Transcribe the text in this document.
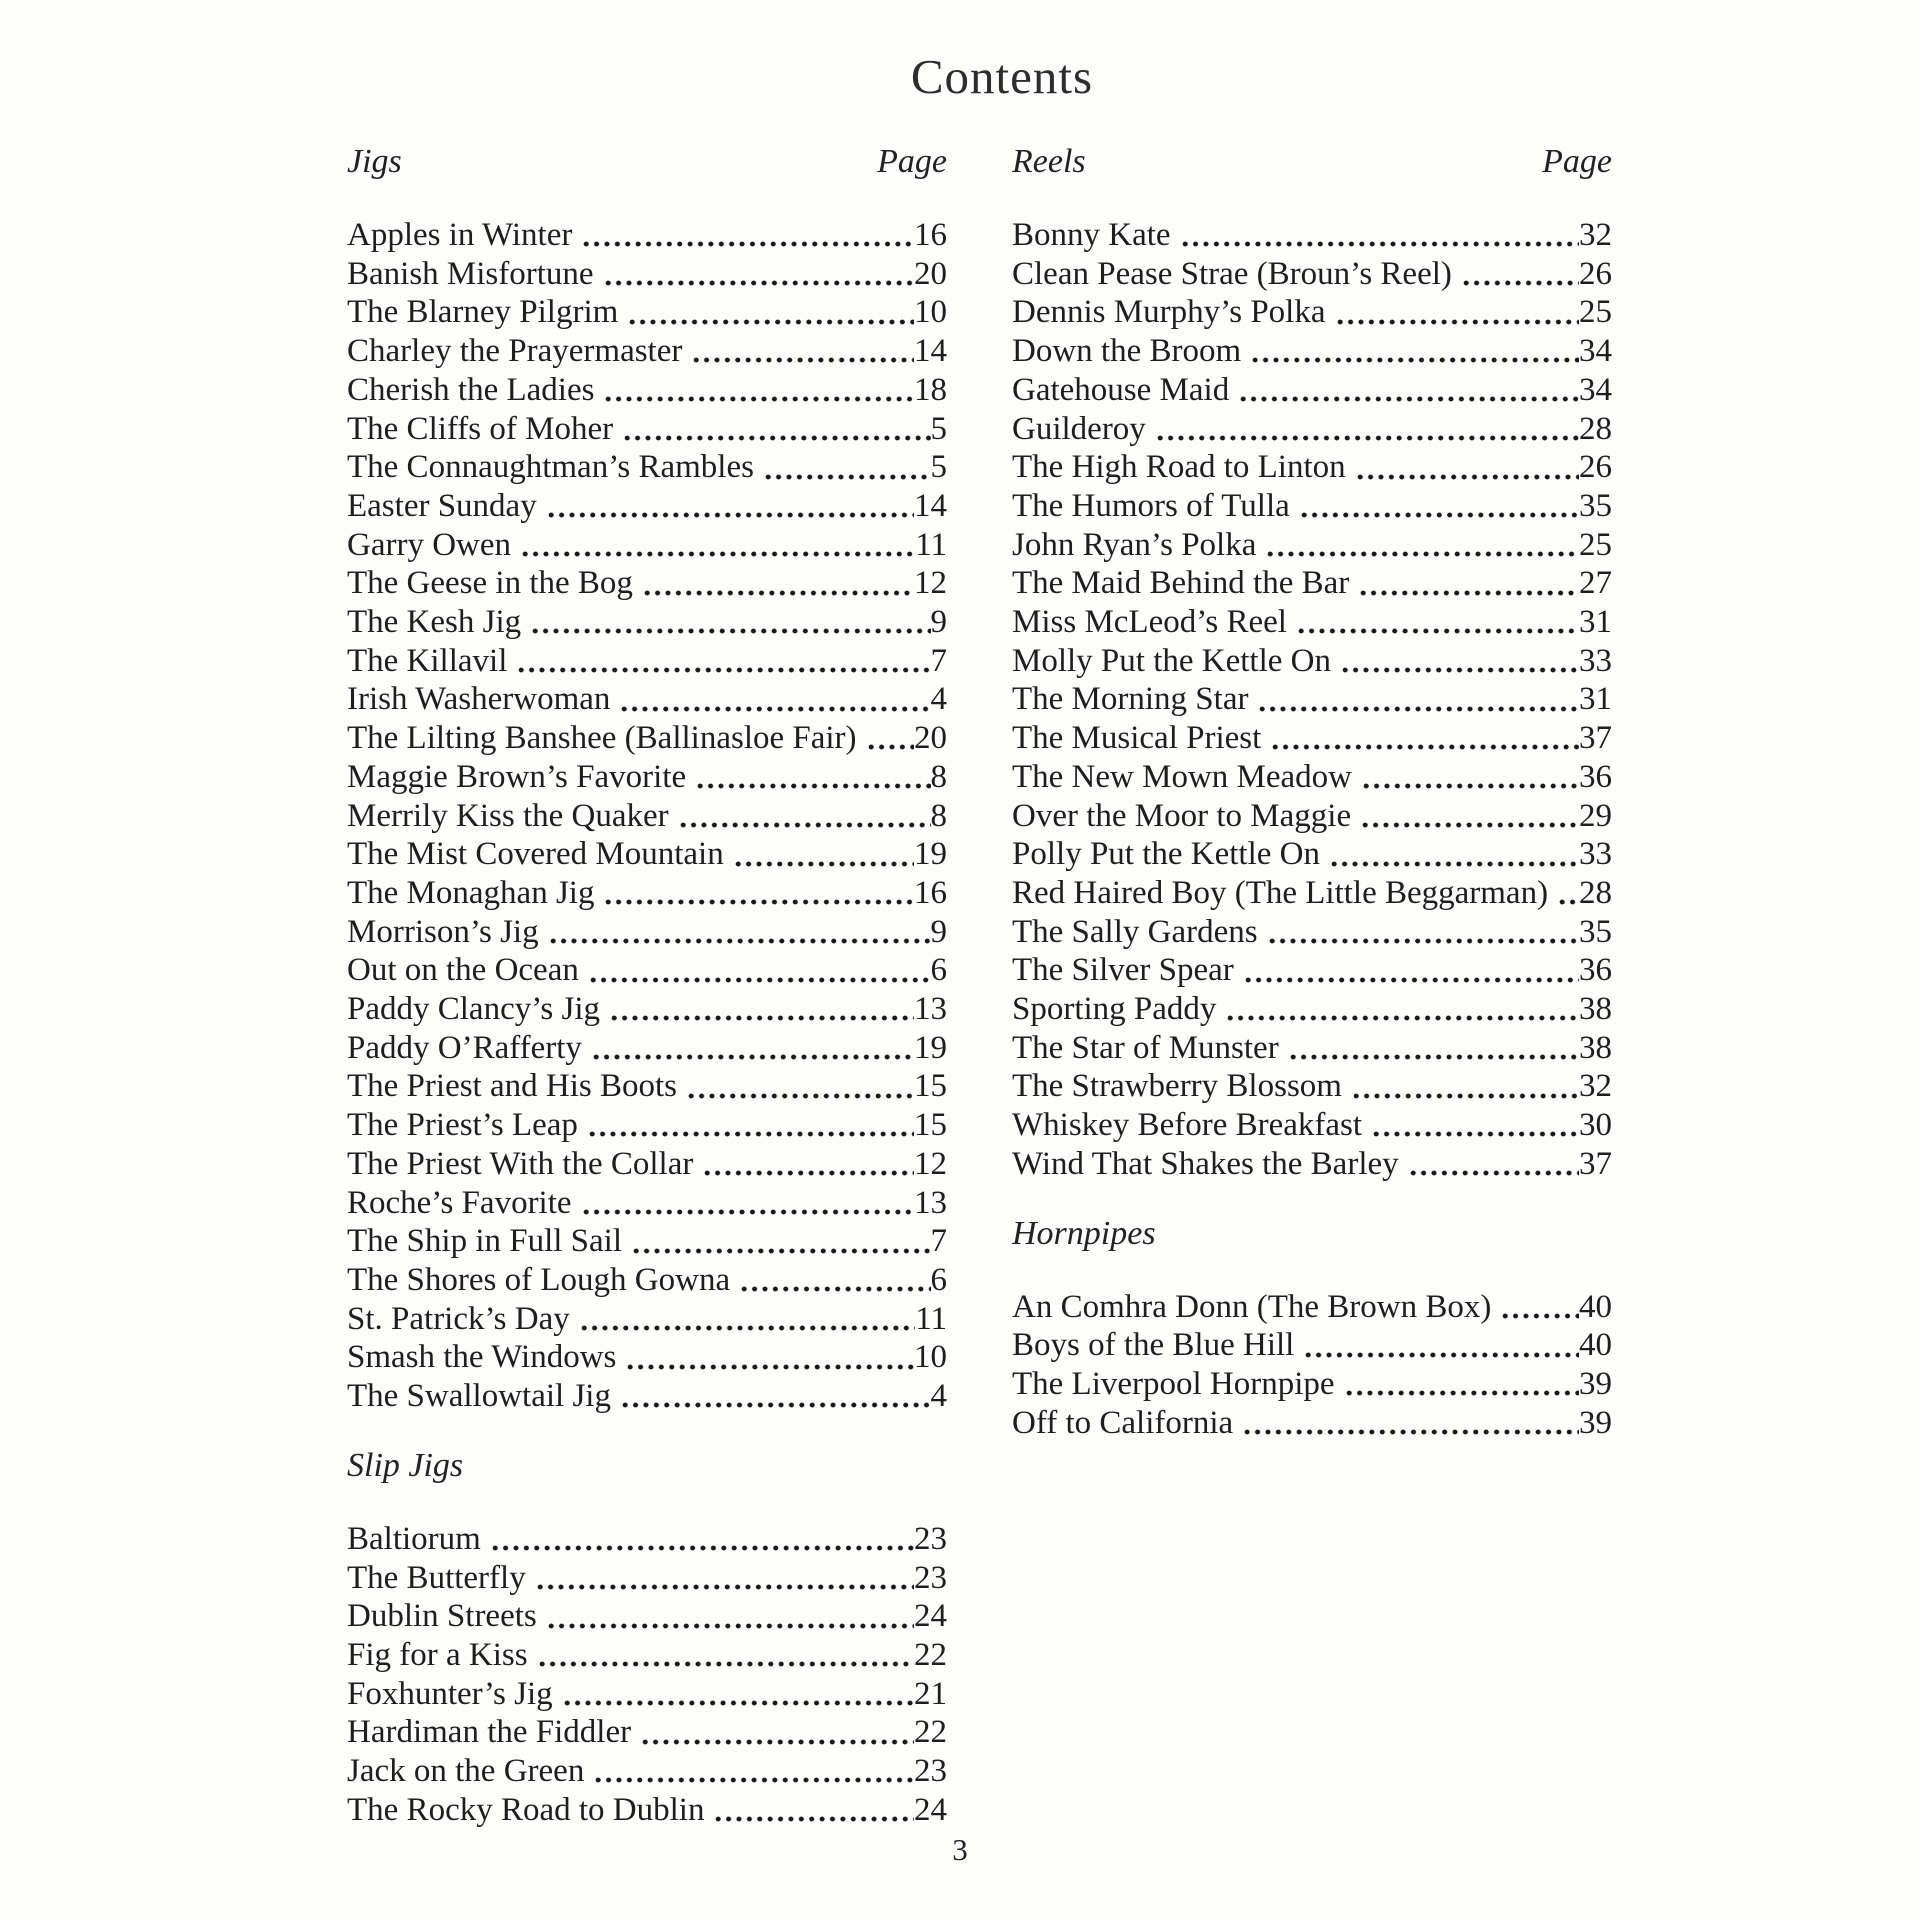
Contents
Jigs	Page
Apples in Winter	16
Banish Misfortune	20
The Blarney Pilgrim	10
Charley the Prayermaster	14
Cherish the Ladies	18
The Cliffs of Moher	5
The Connaughtman’s Rambles	5
Easter Sunday	14
Garry Owen	11
The Geese in the Bog	12
The Kesh Jig	9
The Killavil	7
Irish Washerwoman	4
The Lilting Banshee (Ballinasloe Fair) 20
Maggie Brown’s Favorite	8
Merrily Kiss the Quaker	8
The Mist Covered Mountain	19
The Monaghan Jig	16
Morrison’s Jig	9
Out on the Ocean	6
Paddy Clancy’s Jig	13
Paddy O’Rafferty	19
The Priest and His Boots	15
The Priest’s Leap	15
The Priest With the Collar	12
Roche’s Favorite	13
The Ship in Full Sail	7
The Shores of Lough Gowna	6
St. Patrick’s Day	11
Smash the Windows	10
The Swallowtail Jig	4
Slip Jigs
Baltiorum	23
The Butterfly	23
Dublin Streets	24
Fig for a Kiss	22
Foxhunter’s Jig	21
Hardiman the Fiddler	22
Jack on the Green	23
The Rocky Road to Dublin	24
Reels	Page
Bonny Kate	32
Clean Pease Strae (Broun’s Reel)	26
Dennis Murphy’s Polka	25
Down the Broom	34
Gatehouse Maid	34
Guilderoy	28
The High Road to Linton	26
The Humors of Tulla	35
John Ryan’s Polka	25
The Maid Behind the Bar	27
Miss McLeod’s Reel	31
Molly Put the Kettle On	33
The Morning Star	31
The Musical Priest	37
The New Mown Meadow	36
Over the Moor to Maggie	29
Polly Put the Kettle On	33
Red Haired Boy (The Little Beggarman) 28
The Sally Gardens	35
The Silver Spear	36
Sporting Paddy	38
The Star of Munster	38
The Strawberry Blossom	32
Whiskey Before Breakfast	30
Wind That Shakes the Barley	37
Hornpipes
An Comhra Donn (The Brown Box)	40
Boys of the Blue Hill	40
The Liverpool Hornpipe	39
Off to California	39
3
